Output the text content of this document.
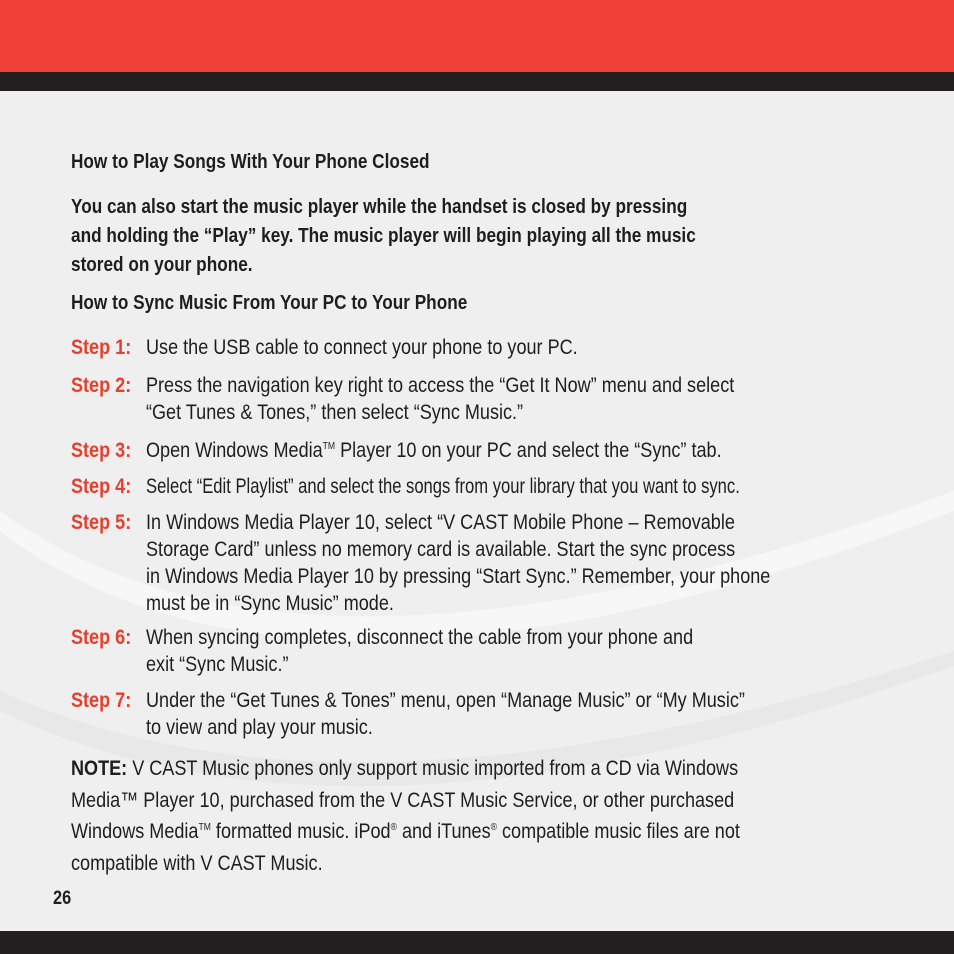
How to Play Songs With Your Phone Closed

You can also start the music player while the handset is closed by pressing

and holding the “Play” key. The music player will begin playing all the music

stored on your phone.

How to Sync Music From Your PC to Your Phone

Step 1: Use the USB cable to connect your phone to your PC.
Step 2: Press the navigation key right to access the “Get It Now” menu and select
“Get Tunes & Tones,” then select “Sync Music.”
Step 3: Open Windows Media™ Player 10 on your PC and select the “Sync” tab.
Step 4: Select “Edit Playlist” and select the songs from your library that you want to sync.
Step 5: In Windows Media Player 10, select “V CAST Mobile Phone – Removable
Storage Card” unless no memory card is available. Start the sync process
in Windows Media Player 10 by pressing “Start Sync.” Remember, your phone
must be in “Sync Music” mode.
Step 6: When syncing completes, disconnect the cable from your phone and
exit “Sync Music.”
Step 7: Under the “Get Tunes & Tones” menu, open “Manage Music” or “My Music”
to view and play your music.
NOTE: V CAST Music phones only support music imported from a CD via Windows
Media™ Player 10, purchased from the V CAST Music Service, or other purchased
Windows Media™ formatted music. iPod® and iTunes® compatible music files are not
compatible with V CAST Music.
26
